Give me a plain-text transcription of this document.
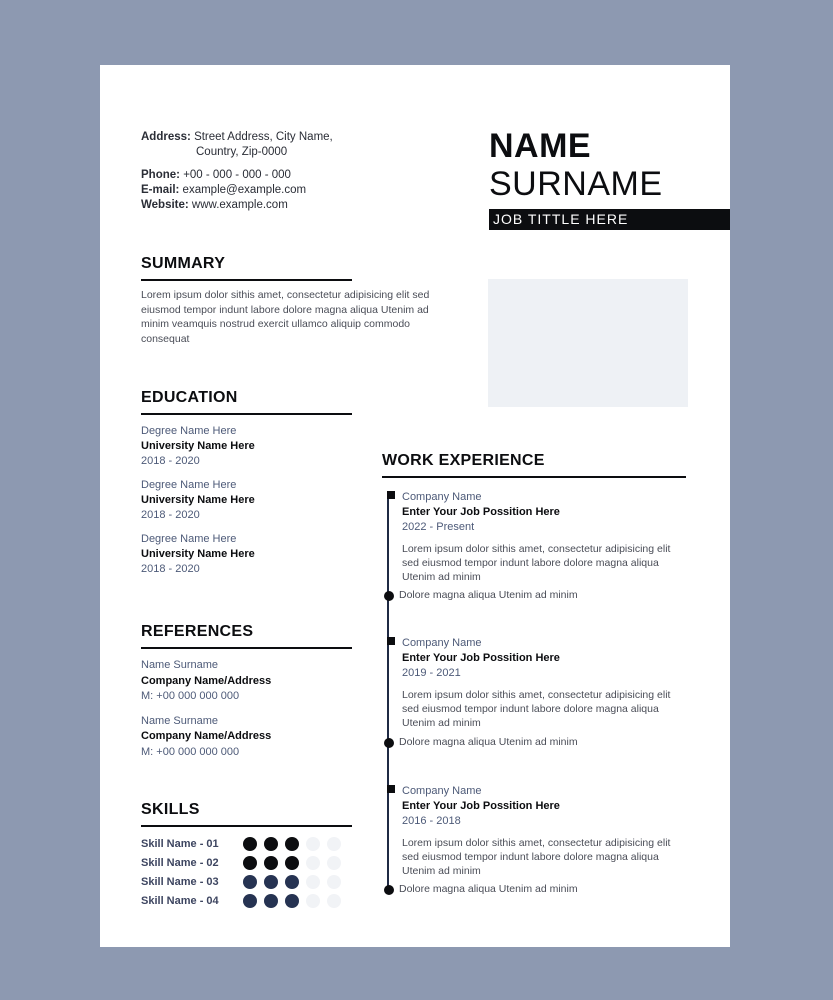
Address: Street Address, City Name,
Country, Zip-0000
Phone: +00 - 000 - 000 - 000
E-mail: example@example.com
Website: www.example.com
NAME
SURNAME
JOB TITTLE HERE
SUMMARY
Lorem ipsum dolor sithis amet, consectetur adipisicing elit sed eiusmod tempor indunt labore dolore magna aliqua Utenim ad minim veamquis nostrud exercit ullamco aliquip commodo consequat
EDUCATION
Degree Name Here
University Name Here
2018 - 2020
Degree Name Here
University Name Here
2018 - 2020
Degree Name Here
University Name Here
2018 - 2020
REFERENCES
Name Surname
Company Name/Address
M: +00 000 000 000
Name Surname
Company Name/Address
M: +00 000 000 000
SKILLS
Skill Name - 01
Skill Name - 02
Skill Name - 03
Skill Name - 04
WORK EXPERIENCE
Company Name
Enter Your Job Possition Here
2022 - Present
Lorem ipsum dolor sithis amet, consectetur adipisicing elit sed eiusmod tempor indunt labore dolore magna aliqua Utenim ad minim
Dolore magna aliqua Utenim ad minim
Company Name
Enter Your Job Possition Here
2019 - 2021
Lorem ipsum dolor sithis amet, consectetur adipisicing elit sed eiusmod tempor indunt labore dolore magna aliqua Utenim ad minim
Dolore magna aliqua Utenim ad minim
Company Name
Enter Your Job Possition Here
2016 - 2018
Lorem ipsum dolor sithis amet, consectetur adipisicing elit sed eiusmod tempor indunt labore dolore magna aliqua Utenim ad minim
Dolore magna aliqua Utenim ad minim
